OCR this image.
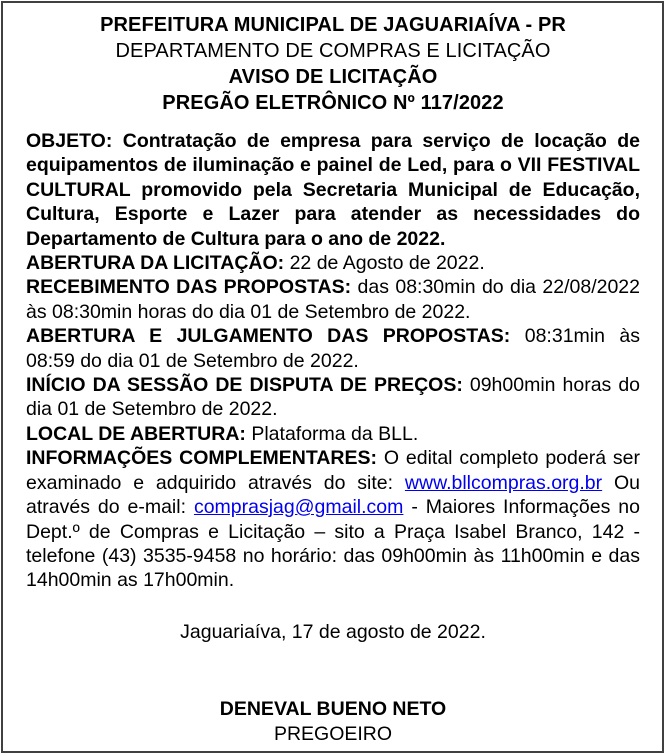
PREFEITURA MUNICIPAL DE JAGUARIAÍVA - PR
DEPARTAMENTO DE COMPRAS E LICITAÇÃO
AVISO DE LICITAÇÃO
PREGÃO ELETRÔNICO Nº 117/2022

OBJETO: Contratação de empresa para serviço de locação de equipamentos de iluminação e painel de Led, para o VII FESTIVAL CULTURAL promovido pela Secretaria Municipal de Educação, Cultura, Esporte e Lazer para atender as necessidades do Departamento de Cultura para o ano de 2022.

ABERTURA DA LICITAÇÃO: 22 de Agosto de 2022.

RECEBIMENTO DAS PROPOSTAS: das 08:30min do dia 22/08/2022 às 08:30min horas do dia 01 de Setembro de 2022.

ABERTURA E JULGAMENTO DAS PROPOSTAS: 08:31min às 08:59 do dia 01 de Setembro de 2022.

INÍCIO DA SESSÃO DE DISPUTA DE PREÇOS: 09h00min horas do dia 01 de Setembro de 2022.

LOCAL DE ABERTURA: Plataforma da BLL.

INFORMAÇÕES COMPLEMENTARES: O edital completo poderá ser examinado e adquirido através do site: www.bllcompras.org.br Ou através do e-mail: comprasjag@gmail.com - Maiores Informações no Dept.º de Compras e Licitação – sito a Praça Isabel Branco, 142 - telefone (43) 3535-9458 no horário: das 09h00min às 11h00min e das 14h00min as 17h00min.

Jaguariaíva, 17 de agosto de 2022.
DENEVAL BUENO NETO
PREGOEIRO
